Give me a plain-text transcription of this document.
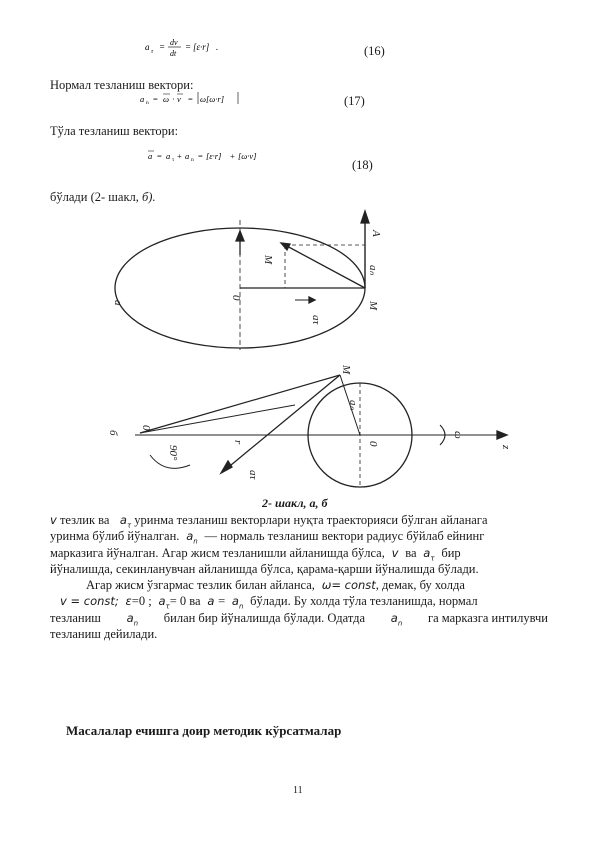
a τ = dv
dt
= [ε·r] .	(16)
Нормал тезланиш вектори:
a n = ω · v = ω[ω·r]	(17)
Тўла тезланиш вектори:
a = a τ + a n = [ε·r] + [ω·v]
(18)
бўлади (2- шакл, б).
a
0
M
A
aₙ
aτ
M
б
0
90°
M
aₙ
0
r
aτ
z
ω
2- шакл, а, б
v тезлик ва   $a_\tau$ уринма тезланиш векторлари нуқта траекторияси бўлган айланага
уринма бўлиб йўналган.  $a_n$ — нормаль тезланиш вектори радиус бўйлаб ейнинг
марказига йўналган. Агар жисм тезланишли айланишда бўлса,  v  ва  $a_\tau$ бир
йўналишда, секинланувчан айланишда бўлса, қарама-қарши йўналишда бўлади.
Агар жисм ўзгармас тезлик билан айланса,  ω= const, демак, бу холда
v = const;  ε=0 ;  $a_\tau= 0$ ва  $a = a_n$ бўлади. Бу холда тўла тезланишда, нормал
тезланиш $a_n$ билан бир йўналишда бўлади. Одатда $a_n$ га марказга интилувчи
тезланиш дейилади.
Масалалар ечишга доир методик кўрсатмалар
11
